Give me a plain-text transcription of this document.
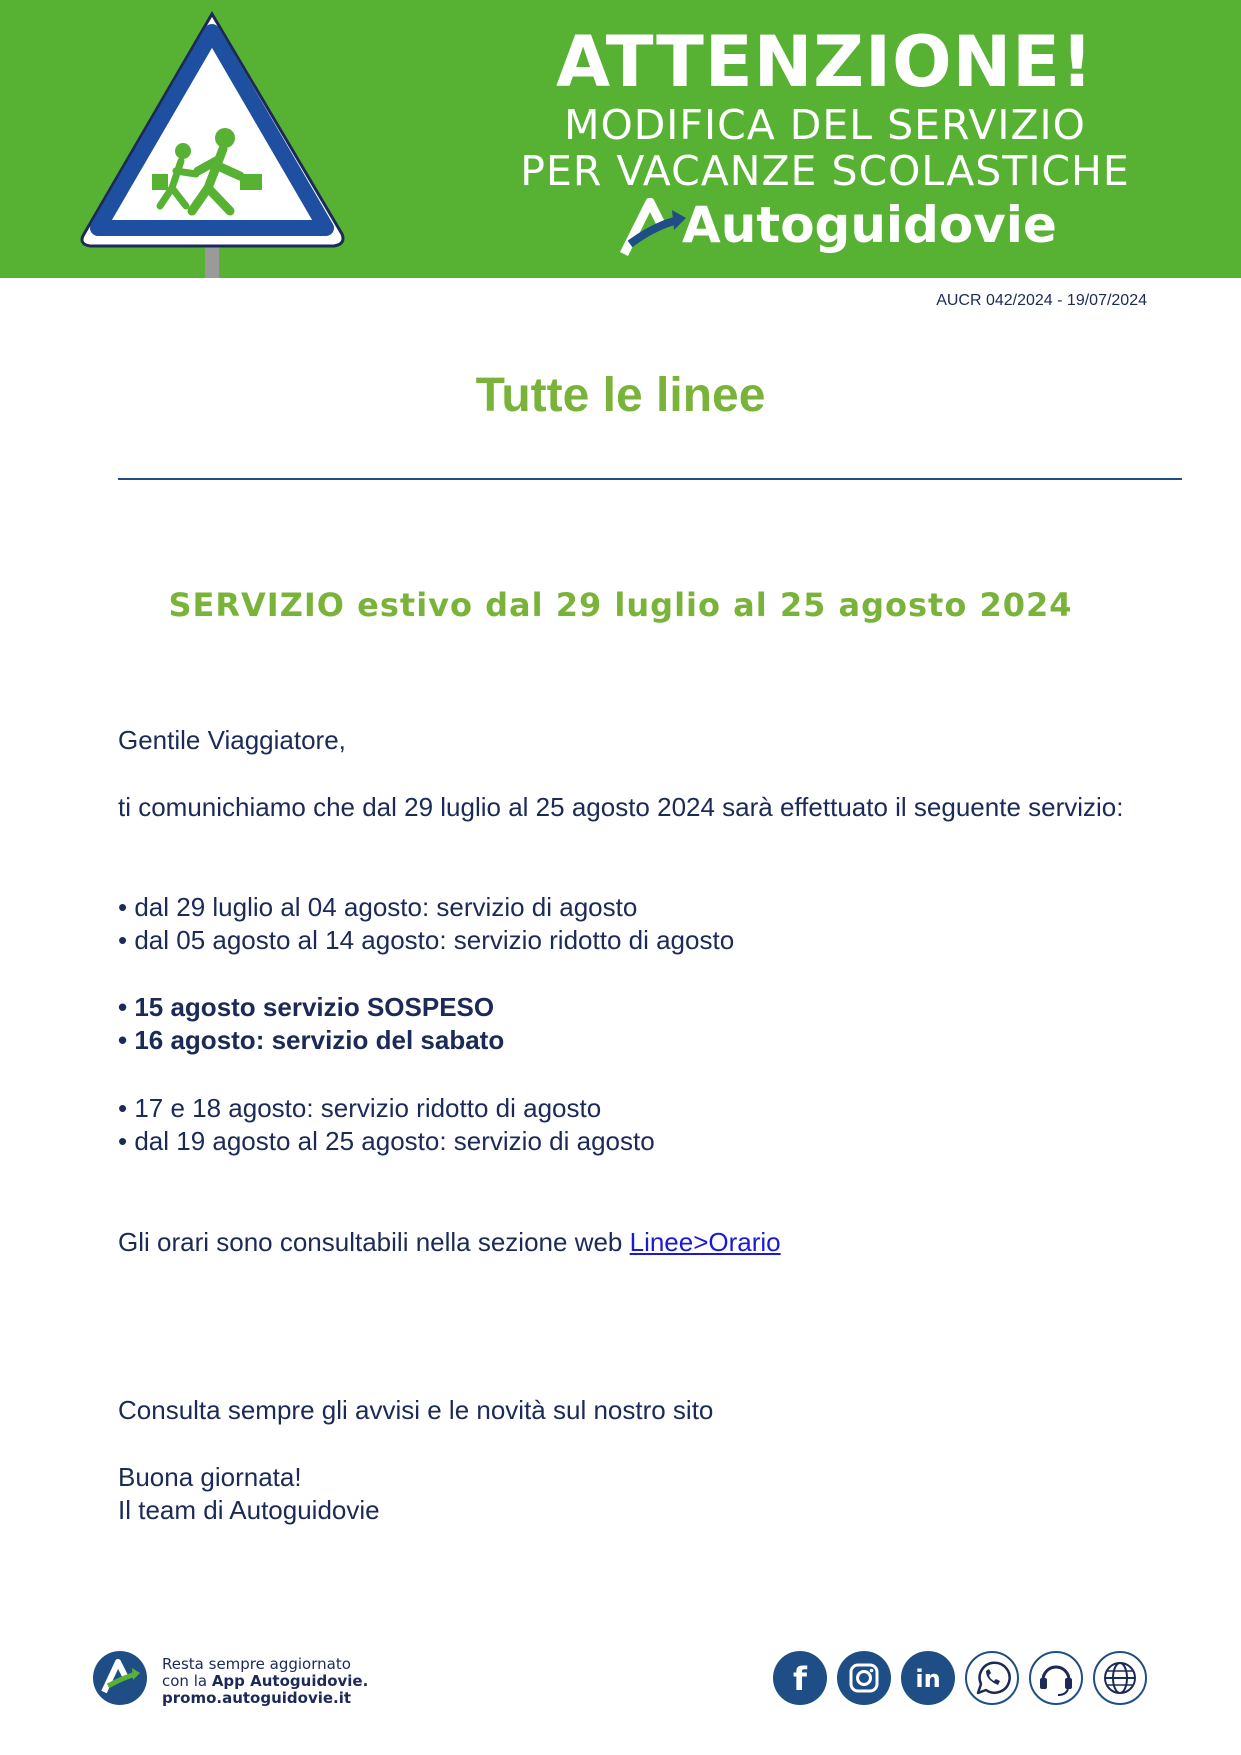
ATTENZIONE!
MODIFICA DEL SERVIZIO
PER VACANZE SCOLASTICHE
Autoguidovie
AUCR 042/2024 - 19/07/2024
Tutte le linee
SERVIZIO estivo dal 29 luglio al 25 agosto 2024
Gentile Viaggiatore,
ti comunichiamo che dal 29 luglio al 25 agosto 2024 sarà effettuato il seguente servizio:
• dal 29 luglio al 04 agosto: servizio di agosto
• dal 05 agosto al 14 agosto: servizio ridotto di agosto
• 15 agosto servizio SOSPESO
• 16 agosto: servizio del sabato
• 17 e 18 agosto: servizio ridotto di agosto
• dal 19 agosto al 25 agosto: servizio di agosto
Gli orari sono consultabili nella sezione web Linee>Orario
Consulta sempre gli avvisi e le novità sul nostro sito
Buona giornata!
Il team di Autoguidovie
Resta sempre aggiornato
con la App Autoguidovie.
promo.autoguidovie.it	f	in
